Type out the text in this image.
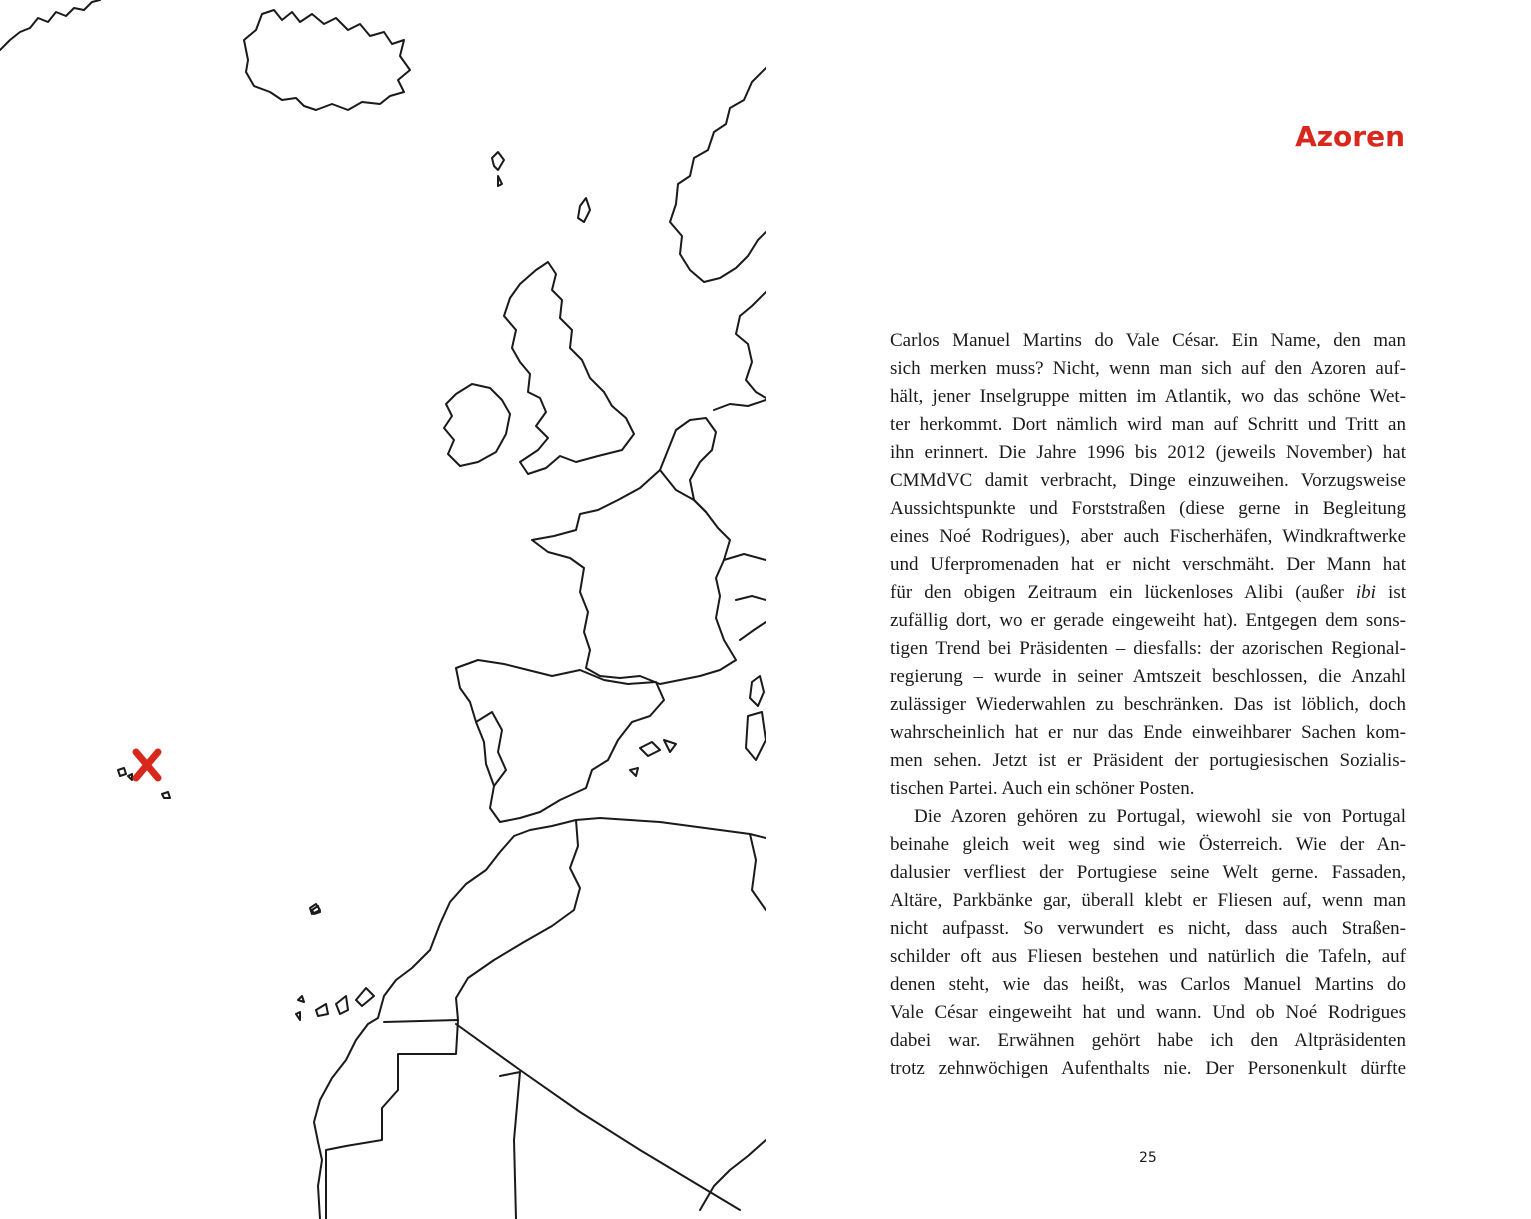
Azoren
Carlos Manuel Martins do Vale César. Ein Name, den man
sich merken muss? Nicht, wenn man sich auf den Azoren auf-
hält, jener Inselgruppe mitten im Atlantik, wo das schöne Wet-
ter herkommt. Dort nämlich wird man auf Schritt und Tritt an
ihn erinnert. Die Jahre 1996 bis 2012 (jeweils November) hat
CMMdVC damit verbracht, Dinge einzuweihen. Vorzugsweise
Aussichtspunkte und Forststraßen (diese gerne in Begleitung
eines Noé Rodrigues), aber auch Fischerhäfen, Windkraftwerke
und Uferpromenaden hat er nicht verschmäht. Der Mann hat
für den obigen Zeitraum ein lückenloses Alibi (außer ibi ist
zufällig dort, wo er gerade eingeweiht hat). Entgegen dem sons-
tigen Trend bei Präsidenten – diesfalls: der azorischen Regional-
regierung – wurde in seiner Amtszeit beschlossen, die Anzahl
zulässiger Wiederwahlen zu beschränken. Das ist löblich, doch
wahrscheinlich hat er nur das Ende einweihbarer Sachen kom-
men sehen. Jetzt ist er Präsident der portugiesischen Sozialis-
tischen Partei. Auch ein schöner Posten.
Die Azoren gehören zu Portugal, wiewohl sie von Portugal
beinahe gleich weit weg sind wie Österreich. Wie der An-
dalusier verfliest der Portugiese seine Welt gerne. Fassaden,
Altäre, Parkbänke gar, überall klebt er Fliesen auf, wenn man
nicht aufpasst. So verwundert es nicht, dass auch Straßen-
schilder oft aus Fliesen bestehen und natürlich die Tafeln, auf
denen steht, wie das heißt, was Carlos Manuel Martins do
Vale César eingeweiht hat und wann. Und ob Noé Rodrigues
dabei war. Erwähnen gehört habe ich den Altpräsidenten
trotz zehnwöchigen Aufenthalts nie. Der Personenkult dürfte
25
